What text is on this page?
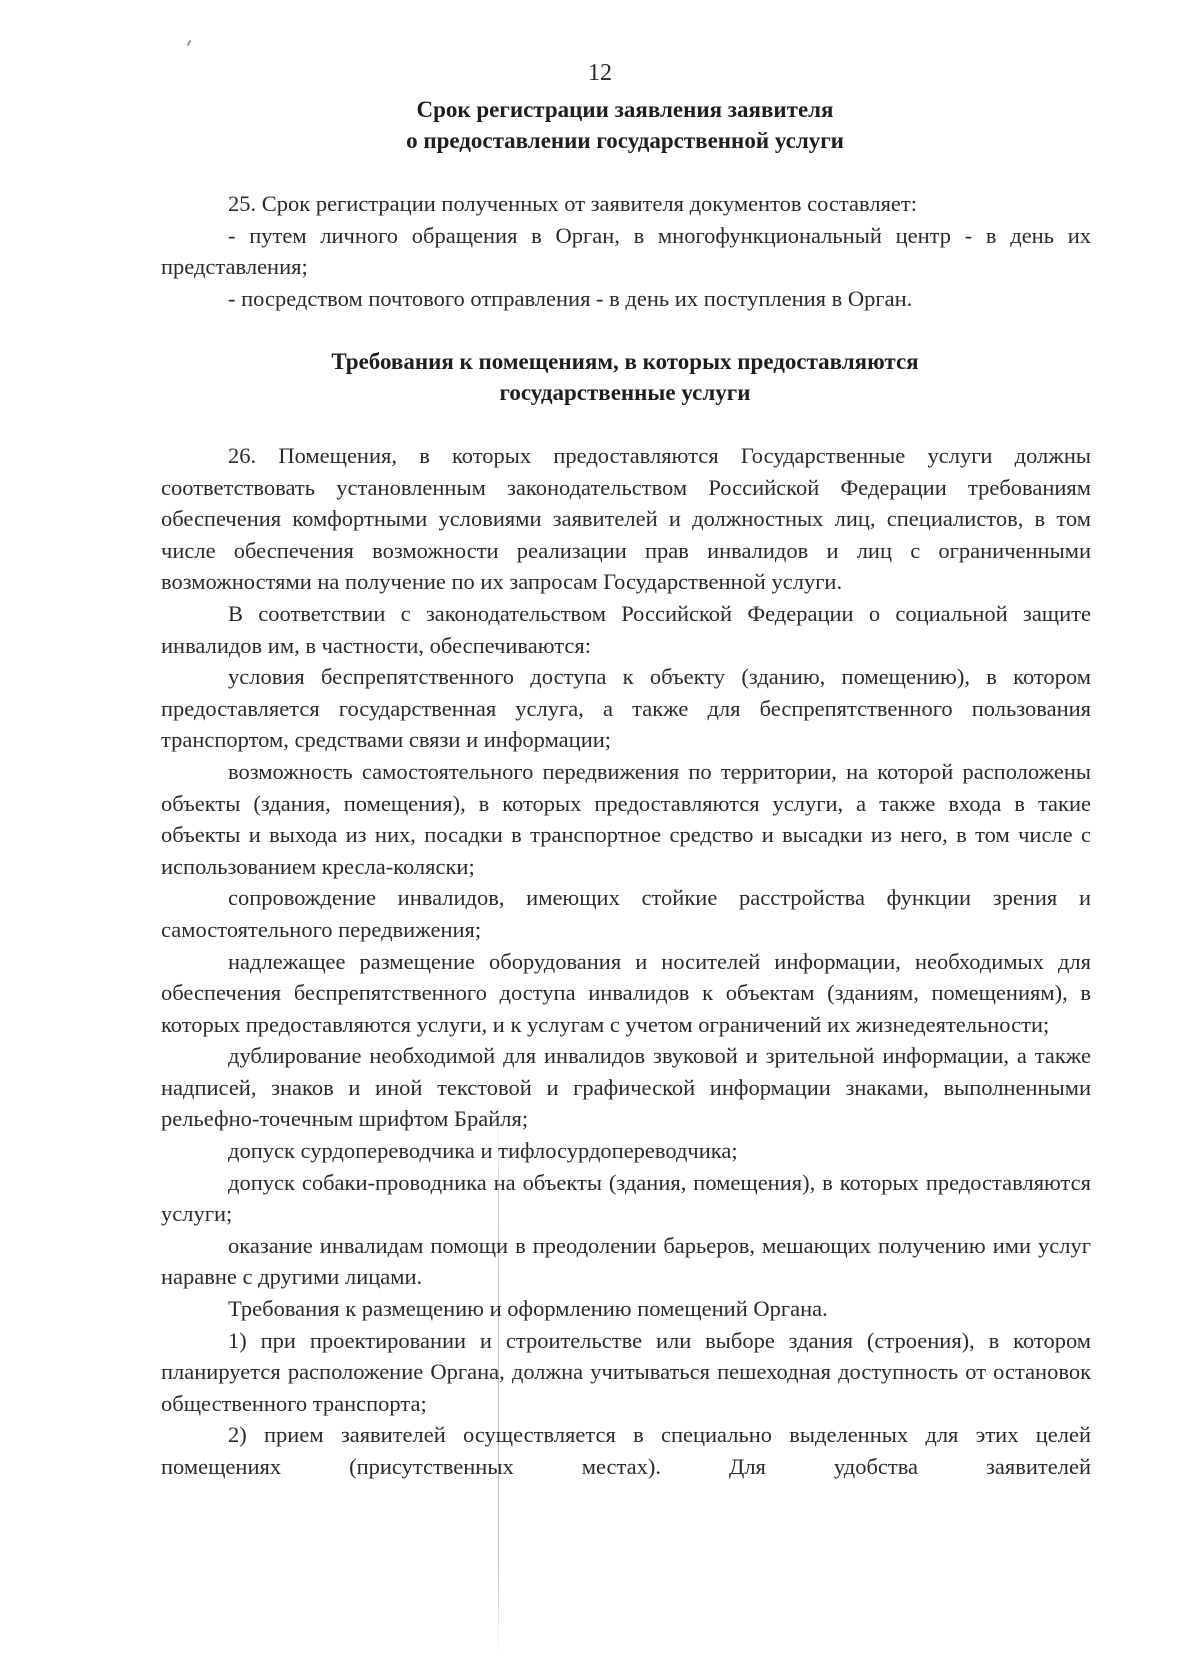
12
Срок регистрации заявления заявителя
о предоставлении государственной услуги

25. Срок регистрации полученных от заявителя документов составляет:

- путем личного обращения в Орган, в многофункциональный центр - в день их представления;

- посредством почтового отправления - в день их поступления в Орган.

Требования к помещениям, в которых предоставляются
государственные услуги

26. Помещения, в которых предоставляются Государственные услуги должны соответствовать установленным законодательством Российской Федерации требованиям обеспечения комфортными условиями заявителей и должностных лиц, специалистов, в том числе обеспечения возможности реализации прав инвалидов и лиц с ограниченными возможностями на получение по их запросам Государственной услуги.

В соответствии с законодательством Российской Федерации о социальной защите инвалидов им, в частности, обеспечиваются:

условия беспрепятственного доступа к объекту (зданию, помещению), в котором предоставляется государственная услуга, а также для беспрепятственного пользования транспортом, средствами связи и информации;

возможность самостоятельного передвижения по территории, на которой расположены объекты (здания, помещения), в которых предоставляются услуги, а также входа в такие объекты и выхода из них, посадки в транспортное средство и высадки из него, в том числе с использованием кресла-коляски;

сопровождение инвалидов, имеющих стойкие расстройства функции зрения и самостоятельного передвижения;

надлежащее размещение оборудования и носителей информации, необходимых для обеспечения беспрепятственного доступа инвалидов к объектам (зданиям, помещениям), в которых предоставляются услуги, и к услугам с учетом ограничений их жизнедеятельности;

дублирование необходимой для инвалидов звуковой и зрительной информации, а также надписей, знаков и иной текстовой и графической информации знаками, выполненными рельефно-точечным шрифтом Брайля;

допуск сурдопереводчика и тифлосурдопереводчика;

допуск собаки-проводника на объекты (здания, помещения), в которых предоставляются услуги;

оказание инвалидам помощи в преодолении барьеров, мешающих получению ими услуг наравне с другими лицами.

Требования к размещению и оформлению помещений Органа.

1) при проектировании и строительстве или выборе здания (строения), в котором планируется расположение Органа, должна учитываться пешеходная доступность от остановок общественного транспорта;

2) прием заявителей осуществляется в специально выделенных для этих целей помещениях (присутственных местах). Для удобства заявителей
